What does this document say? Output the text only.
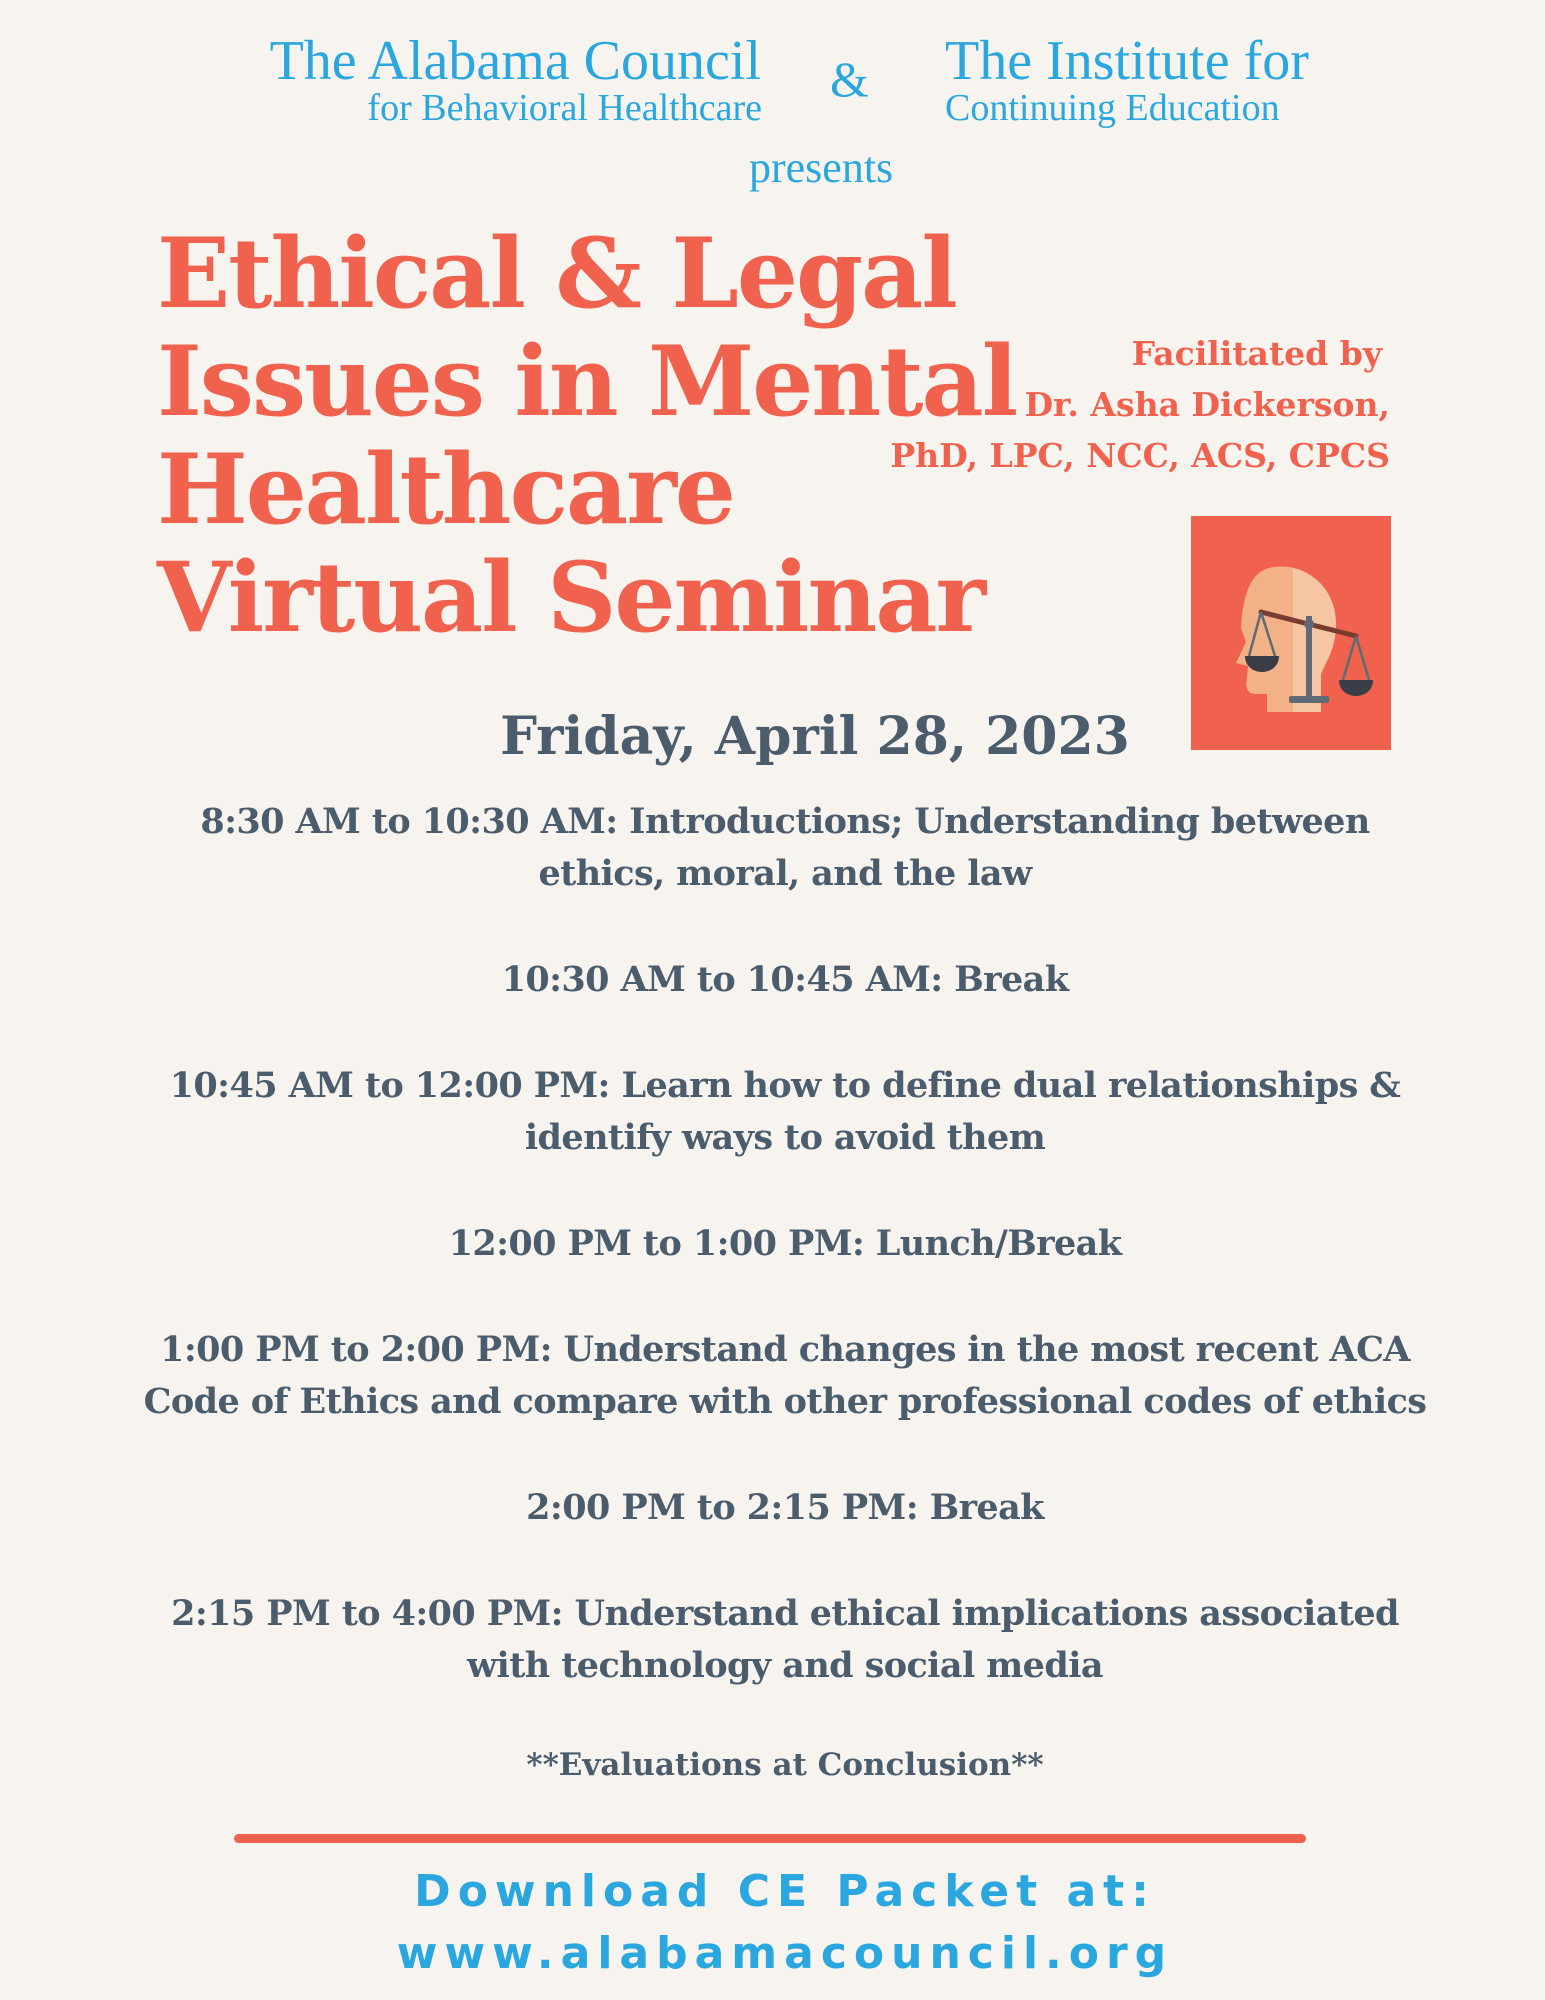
The Alabama Council
for Behavioral Healthcare
& The Institute for
Continuing Education
presents
Ethical & Legal
Issues in Mental
Healthcare
Virtual Seminar
Facilitated by
Dr. Asha Dickerson,
PhD, LPC, NCC, ACS, CPCS
Friday, April 28, 2023
8:30 AM to 10:30 AM: Introductions; Understanding between
ethics, moral, and the law
10:30 AM to 10:45 AM: Break
10:45 AM to 12:00 PM: Learn how to define dual relationships &
identify ways to avoid them
12:00 PM to 1:00 PM: Lunch/Break
1:00 PM to 2:00 PM: Understand changes in the most recent ACA
Code of Ethics and compare with other professional codes of ethics
2:00 PM to 2:15 PM: Break
2:15 PM to 4:00 PM: Understand ethical implications associated
with technology and social media
**Evaluations at Conclusion**
Download CE Packet at:
www.alabamacouncil.org
